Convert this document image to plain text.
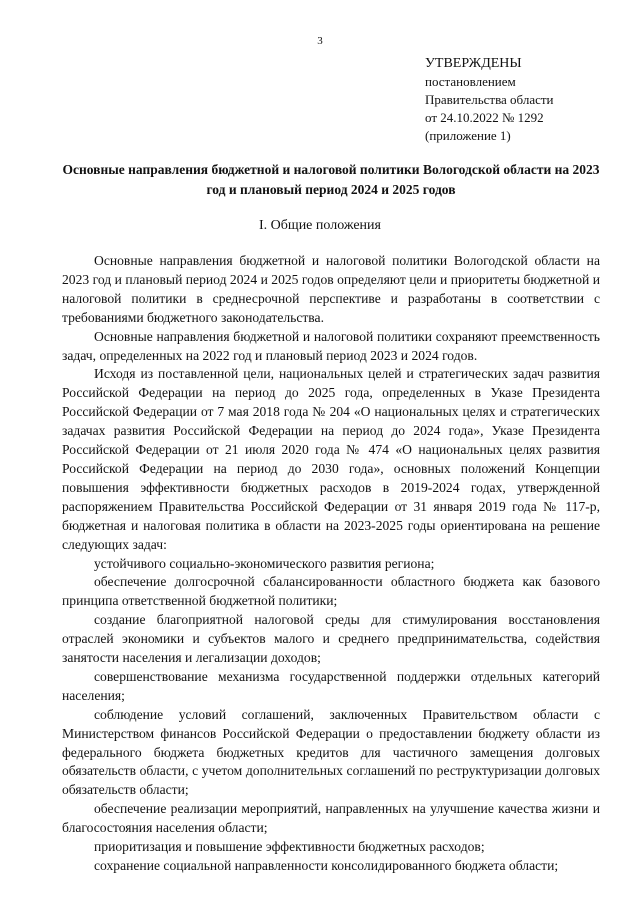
3
УТВЕРЖДЕНЫ
постановлением
Правительства области
от 24.10.2022 № 1292
(приложение 1)
Основные направления бюджетной и налоговой политики Вологодской области на 2023 год и плановый период 2024 и 2025 годов
I. Общие положения

Основные направления бюджетной и налоговой политики Вологодской области на 2023 год и плановый период 2024 и 2025 годов определяют цели и приоритеты бюджетной и налоговой политики в среднесрочной перспективе и разработаны в соответствии с требованиями бюджетного законодательства.

Основные направления бюджетной и налоговой политики сохраняют преемственность задач, определенных на 2022 год и плановый период 2023 и 2024 годов.

Исходя из поставленной цели, национальных целей и стратегических задач развития Российской Федерации на период до 2025 года, определенных в Указе Президента Российской Федерации от 7 мая 2018 года № 204 «О национальных целях и стратегических задачах развития Российской Федерации на период до 2024 года», Указе Президента Российской Федерации от 21 июля 2020 года № 474 «О национальных целях развития Российской Федерации на период до 2030 года», основных положений Концепции повышения эффективности бюджетных расходов в 2019-2024 годах, утвержденной распоряжением Правительства Российской Федерации от 31 января 2019 года № 117-р, бюджетная и налоговая политика в области на 2023-2025 годы ориентирована на решение следующих задач:

устойчивого социально-экономического развития региона;

обеспечение долгосрочной сбалансированности областного бюджета как базового принципа ответственной бюджетной политики;

создание благоприятной налоговой среды для стимулирования восстановления отраслей экономики и субъектов малого и среднего предпринимательства, содействия занятости населения и легализации доходов;

совершенствование механизма государственной поддержки отдельных категорий населения;

соблюдение условий соглашений, заключенных Правительством области с Министерством финансов Российской Федерации о предоставлении бюджету области из федерального бюджета бюджетных кредитов для частичного замещения долговых обязательств области, с учетом дополнительных соглашений по реструктуризации долговых обязательств области;

обеспечение реализации мероприятий, направленных на улучшение качества жизни и благосостояния населения области;

приоритизация и повышение эффективности бюджетных расходов;

сохранение социальной направленности консолидированного бюджета области;
